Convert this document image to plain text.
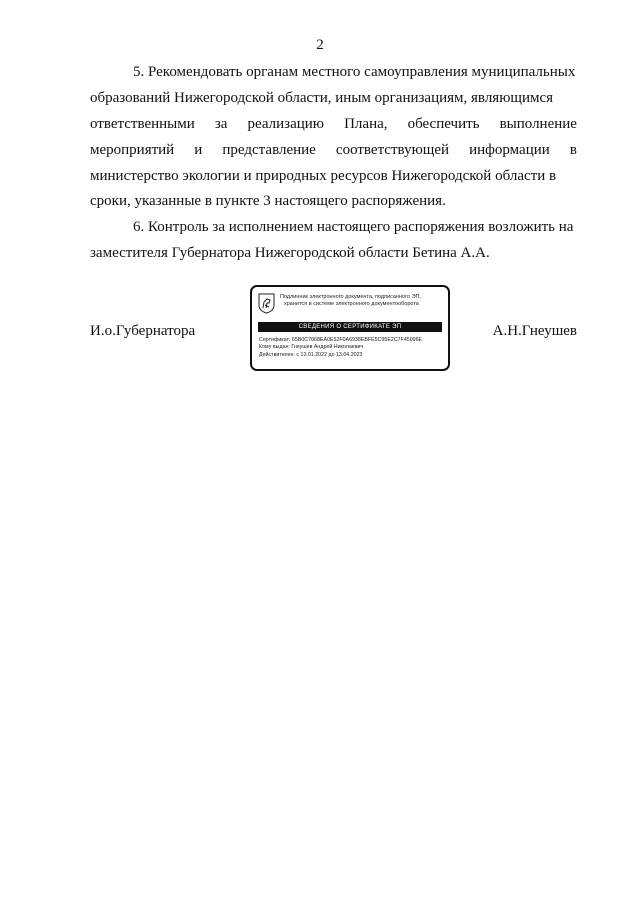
2
5. Рекомендовать органам местного самоуправления муниципальных
образований Нижегородской области, иным организациям, являющимся
ответственными за реализацию Плана, обеспечить выполнение
мероприятий и представление соответствующей информации в
министерство экологии и природных ресурсов Нижегородской области в
сроки, указанные в пункте 3 настоящего распоряжения.
6. Контроль за исполнением настоящего распоряжения возложить на
заместителя Губернатора Нижегородской области Бетина А.А.
И.о.Губернатора	А.Н.Гнеушев
Подлинник электронного документа, подписанного ЭП,
хранится в системе электронного документооборота
СВЕДЕНИЯ О СЕРТИФИКАТЕ ЭП
Сертификат: 65B0C7068EA0E52F0A6938EBFE5C95E2C7F45096E
Кому выдан: Гнеушев Андрей Николаевич
Действителен: с 13.01.2022 до 13.04.2023
